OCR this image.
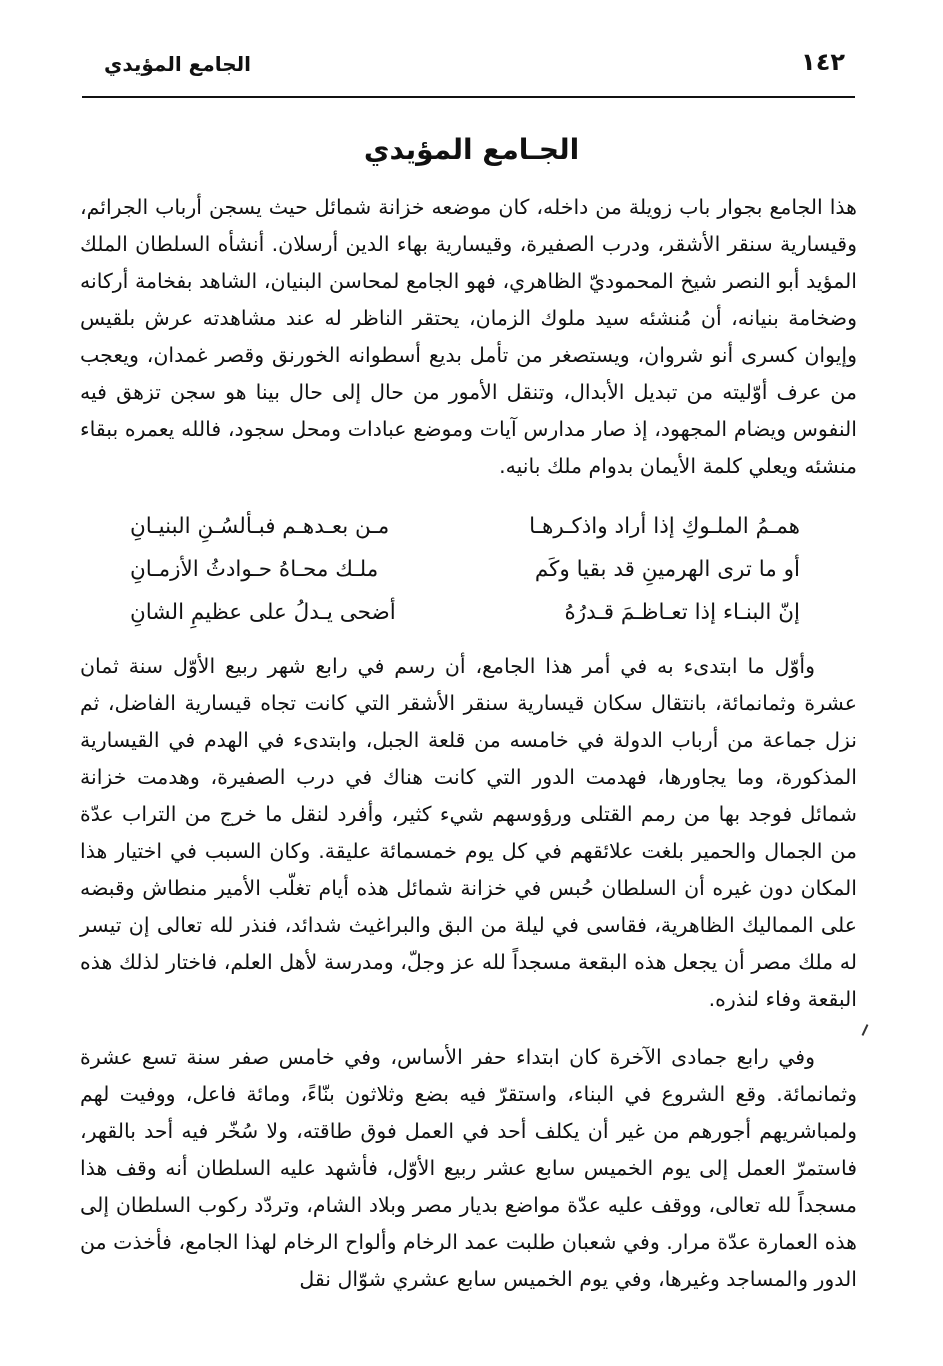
الجامع المؤيدي	١٤٢
الجـامع المؤيدي
هذا الجامع بجوار باب زويلة من داخله، كان موضعه خزانة شمائل حيث يسجن أرباب الجرائم، وقيسارية سنقر الأشقر، ودرب الصفيرة، وقيسارية بهاء الدين أرسلان. أنشأه السلطان الملك المؤيد أبو النصر شيخ المحموديّ الظاهري، فهو الجامع لمحاسن البنيان، الشاهد بفخامة أركانه وضخامة بنيانه، أن مُنشئه سيد ملوك الزمان، يحتقر الناظر له عند مشاهدته عرش بلقيس وإيوان كسرى أنو شروان، ويستصغر من تأمل بديع أسطوانه الخورنق وقصر غمدان، ويعجب من عرف أوّليته من تبديل الأبدال، وتنقل الأمور من حال إلى حال بينا هو سجن تزهق فيه النفوس ويضام المجهود، إذ صار مدارس آيات وموضع عبادات ومحل سجود، فالله يعمره ببقاء منشئه ويعلي كلمة الأيمان بدوام ملك بانيه.
همـمُ الملـوكِ إذا أراد واذكـرهـا
مـن بعـدهـم فبـألسُـنِ البنيـانِ
أو ما ترى الهرمينِ قد بقيا وكَم
ملـك محـاهُ حـوادثُ الأزمـانِ
إنّ البنـاء إذا تعـاظـمَ قـدرُهُ
أضحى يـدلُ على عظيمِ الشانِ
وأوّل ما ابتدىء به في أمر هذا الجامع، أن رسم في رابع شهر ربيع الأوّل سنة ثمان عشرة وثمانمائة، بانتقال سكان قيسارية سنقر الأشقر التي كانت تجاه قيسارية الفاضل، ثم نزل جماعة من أرباب الدولة في خامسه من قلعة الجبل، وابتدىء في الهدم في القيسارية المذكورة، وما يجاورها، فهدمت الدور التي كانت هناك في درب الصفيرة، وهدمت خزانة شمائل فوجد بها من رمم القتلى ورؤوسهم شيء كثير، وأفرد لنقل ما خرج من التراب عدّة من الجمال والحمير بلغت علائقهم في كل يوم خمسمائة عليقة. وكان السبب في اختيار هذا المكان دون غيره أن السلطان حُبس في خزانة شمائل هذه أيام تغلّب الأمير منطاش وقبضه على المماليك الظاهرية، فقاسى في ليلة من البق والبراغيث شدائد، فنذر لله تعالى إن تيسر له ملك مصر أن يجعل هذه البقعة مسجداً لله عز وجلّ، ومدرسة لأهل العلم، فاختار لذلك هذه البقعة وفاء لنذره.
وفي رابع جمادى الآخرة كان ابتداء حفر الأساس، وفي خامس صفر سنة تسع عشرة وثمانمائة. وقع الشروع في البناء، واستقرّ فيه بضع وثلاثون بنّاءً، ومائة فاعل، ووفيت لهم ولمباشريهم أجورهم من غير أن يكلف أحد في العمل فوق طاقته، ولا سُخّر فيه أحد بالقهر، فاستمرّ العمل إلى يوم الخميس سابع عشر ربيع الأوّل، فأشهد عليه السلطان أنه وقف هذا مسجداً لله تعالى، ووقف عليه عدّة مواضع بديار مصر وبلاد الشام، وتردّد ركوب السلطان إلى هذه العمارة عدّة مرار. وفي شعبان طلبت عمد الرخام وألواح الرخام لهذا الجامع، فأخذت من الدور والمساجد وغيرها، وفي يوم الخميس سابع عشري شوّال نقل
